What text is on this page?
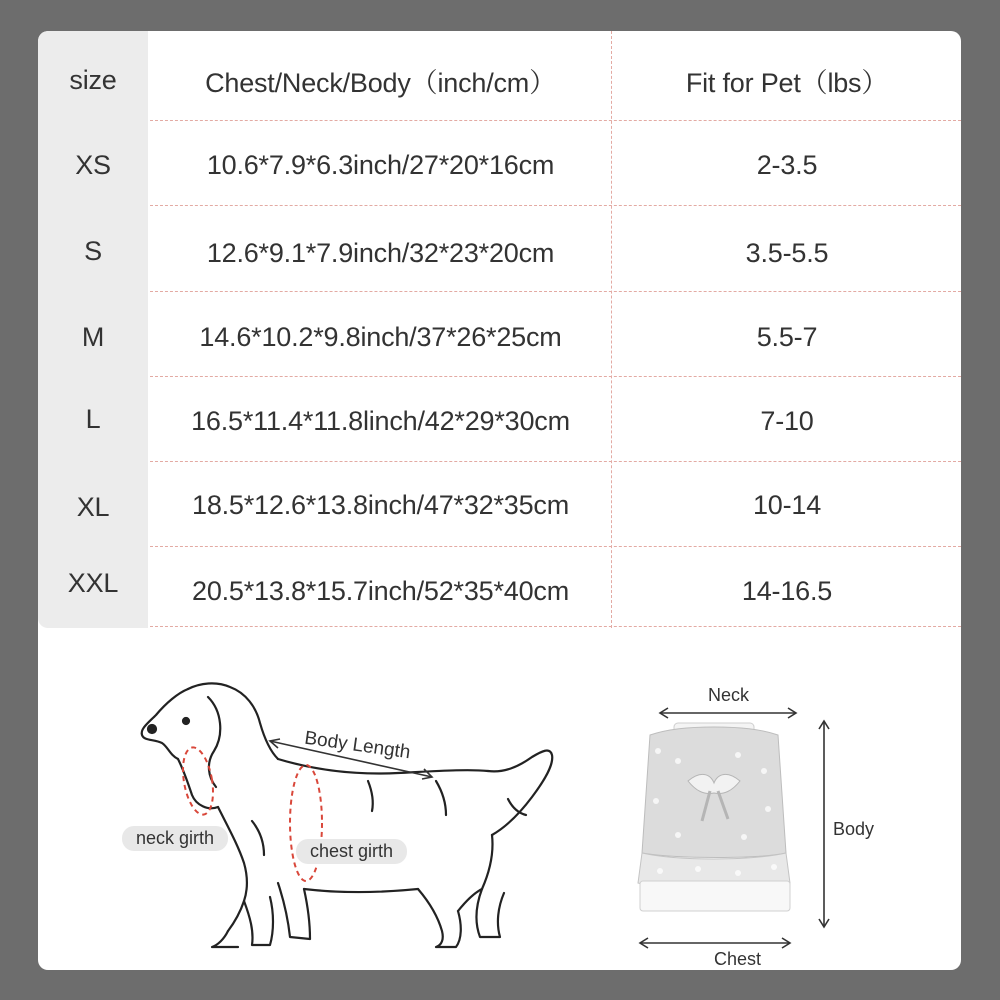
size	Chest/Neck/Body（inch/cm）	Fit for Pet（lbs）
XS	10.6*7.9*6.3inch/27*20*16cm	2-3.5
S	12.6*9.1*7.9inch/32*23*20cm	3.5-5.5
M	14.6*10.2*9.8inch/37*26*25cm	5.5-7
L	16.5*11.4*11.8linch/42*29*30cm	7-10
XL	18.5*12.6*13.8inch/47*32*35cm	10-14
XXL	20.5*13.8*15.7inch/52*35*40cm	14-16.5
Body Length
neck girth
chest girth
Neck
Body
Chest
